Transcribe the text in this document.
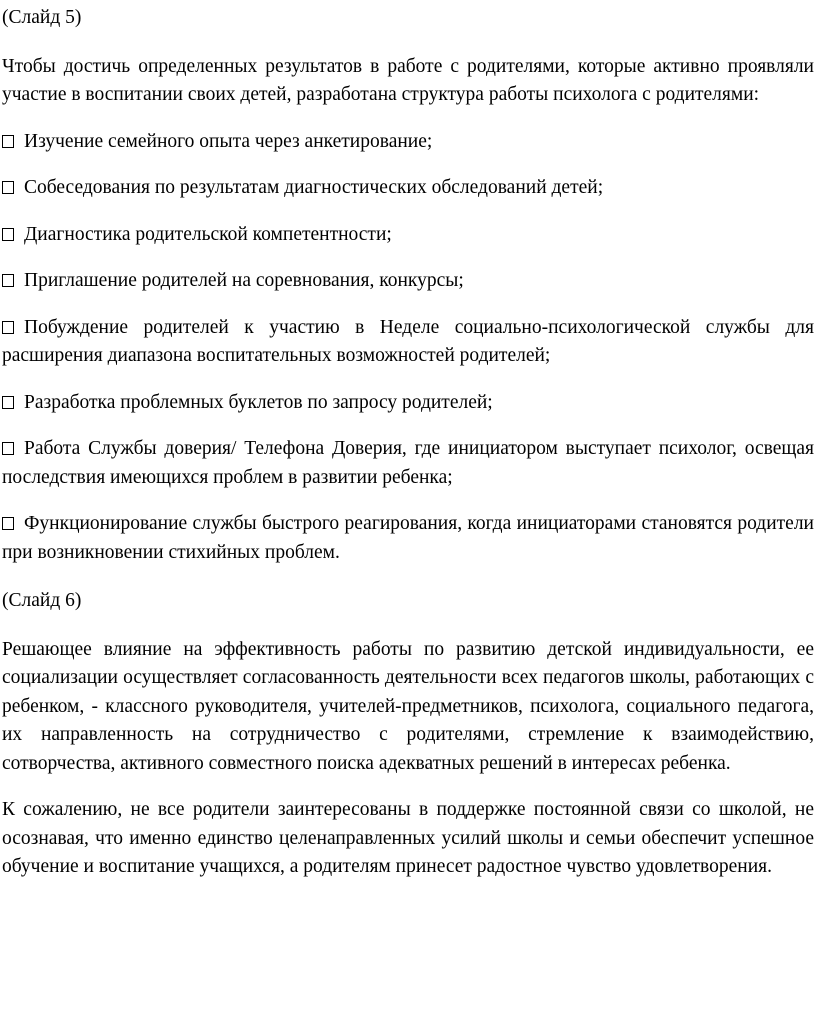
(Слайд 5)
Чтобы достичь определенных результатов в работе с родителями, которые активно проявляли участие в воспитании своих детей, разработана структура работы психолога с родителями:
Изучение семейного опыта через анкетирование;
Собеседования по результатам диагностических обследований детей;
Диагностика родительской компетентности;
Приглашение родителей на соревнования, конкурсы;
Побуждение родителей к участию в Неделе социально-психологической службы для расширения диапазона воспитательных возможностей родителей;
Разработка проблемных буклетов по запросу родителей;
Работа Службы доверия/ Телефона Доверия, где инициатором выступает психолог, освещая последствия имеющихся проблем в развитии ребенка;
Функционирование службы быстрого реагирования, когда инициаторами становятся родители при возникновении стихийных проблем.
(Слайд 6)
Решающее влияние на эффективность работы по развитию детской индивидуальности, ее социализации осуществляет согласованность деятельности всех педагогов школы, работающих с ребенком, - классного руководителя, учителей-предметников, психолога, социального педагога, их направленность на сотрудничество с родителями, стремление к взаимодействию, сотворчества, активного совместного поиска адекватных решений в интересах ребенка.
К сожалению, не все родители заинтересованы в поддержке постоянной связи со школой, не осознавая, что именно единство целенаправленных усилий школы и семьи обеспечит успешное обучение и воспитание учащихся, а родителям принесет радостное чувство удовлетворения.
